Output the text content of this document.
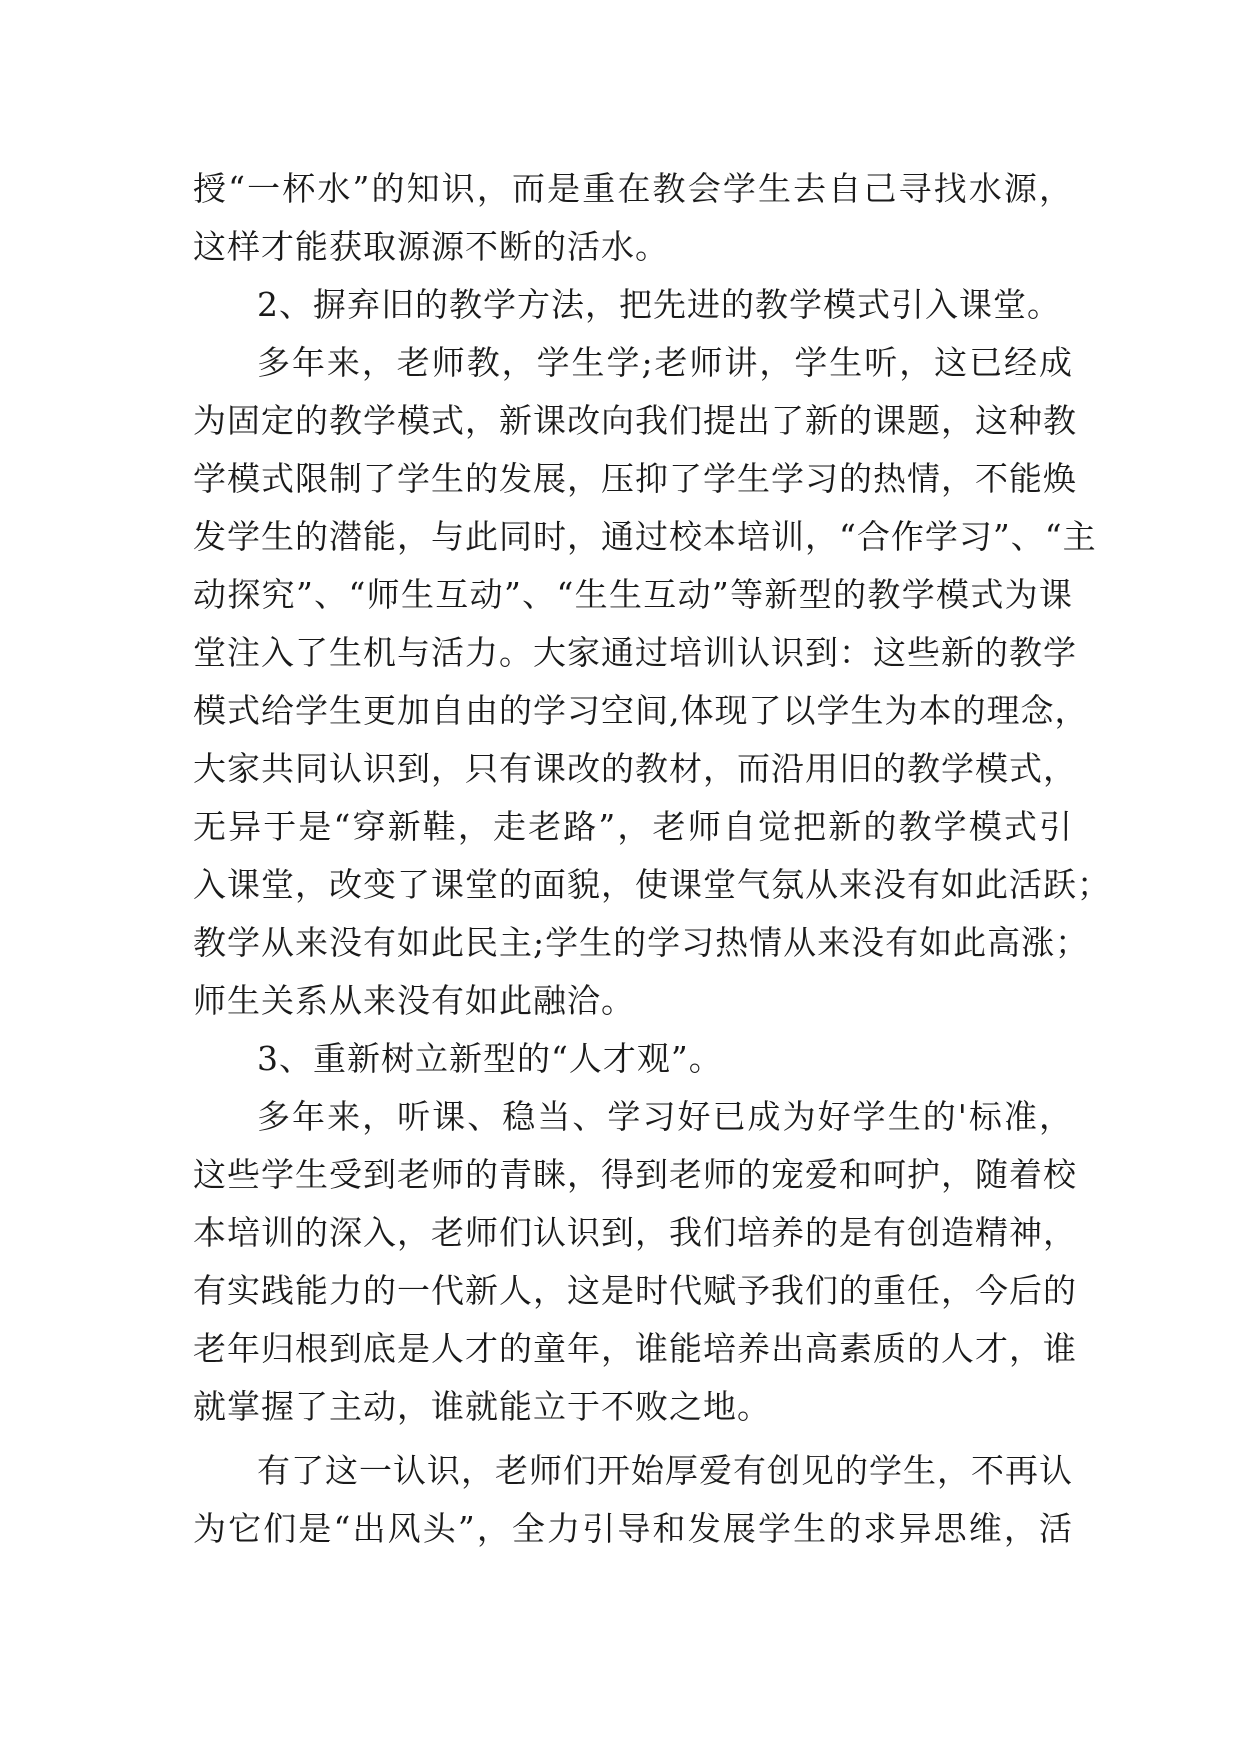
授“一杯水”的知识，而是重在教会学生去自己寻找水源，
这样才能获取源源不断的活水。
2、摒弃旧的教学方法，把先进的教学模式引入课堂。
多年来，老师教，学生学;老师讲，学生听，这已经成
为固定的教学模式，新课改向我们提出了新的课题，这种教
学模式限制了学生的发展，压抑了学生学习的热情，不能焕
发学生的潜能，与此同时，通过校本培训，“合作学习”、“主
动探究”、“师生互动”、“生生互动”等新型的教学模式为课
堂注入了生机与活力。大家通过培训认识到：这些新的教学
模式给学生更加自由的学习空间,体现了以学生为本的理念，
大家共同认识到，只有课改的教材，而沿用旧的教学模式，
无异于是“穿新鞋，走老路”，老师自觉把新的教学模式引
入课堂，改变了课堂的面貌，使课堂气氛从来没有如此活跃；
教学从来没有如此民主;学生的学习热情从来没有如此高涨；
师生关系从来没有如此融洽。
3、重新树立新型的“人才观”。
多年来，听课、稳当、学习好已成为好学生的'标准，
这些学生受到老师的青睐，得到老师的宠爱和呵护，随着校
本培训的深入，老师们认识到，我们培养的是有创造精神，
有实践能力的一代新人，这是时代赋予我们的重任，今后的
老年归根到底是人才的童年，谁能培养出高素质的人才，谁
就掌握了主动，谁就能立于不败之地。
有了这一认识，老师们开始厚爱有创见的学生，不再认
为它们是“出风头”，全力引导和发展学生的求异思维，活
